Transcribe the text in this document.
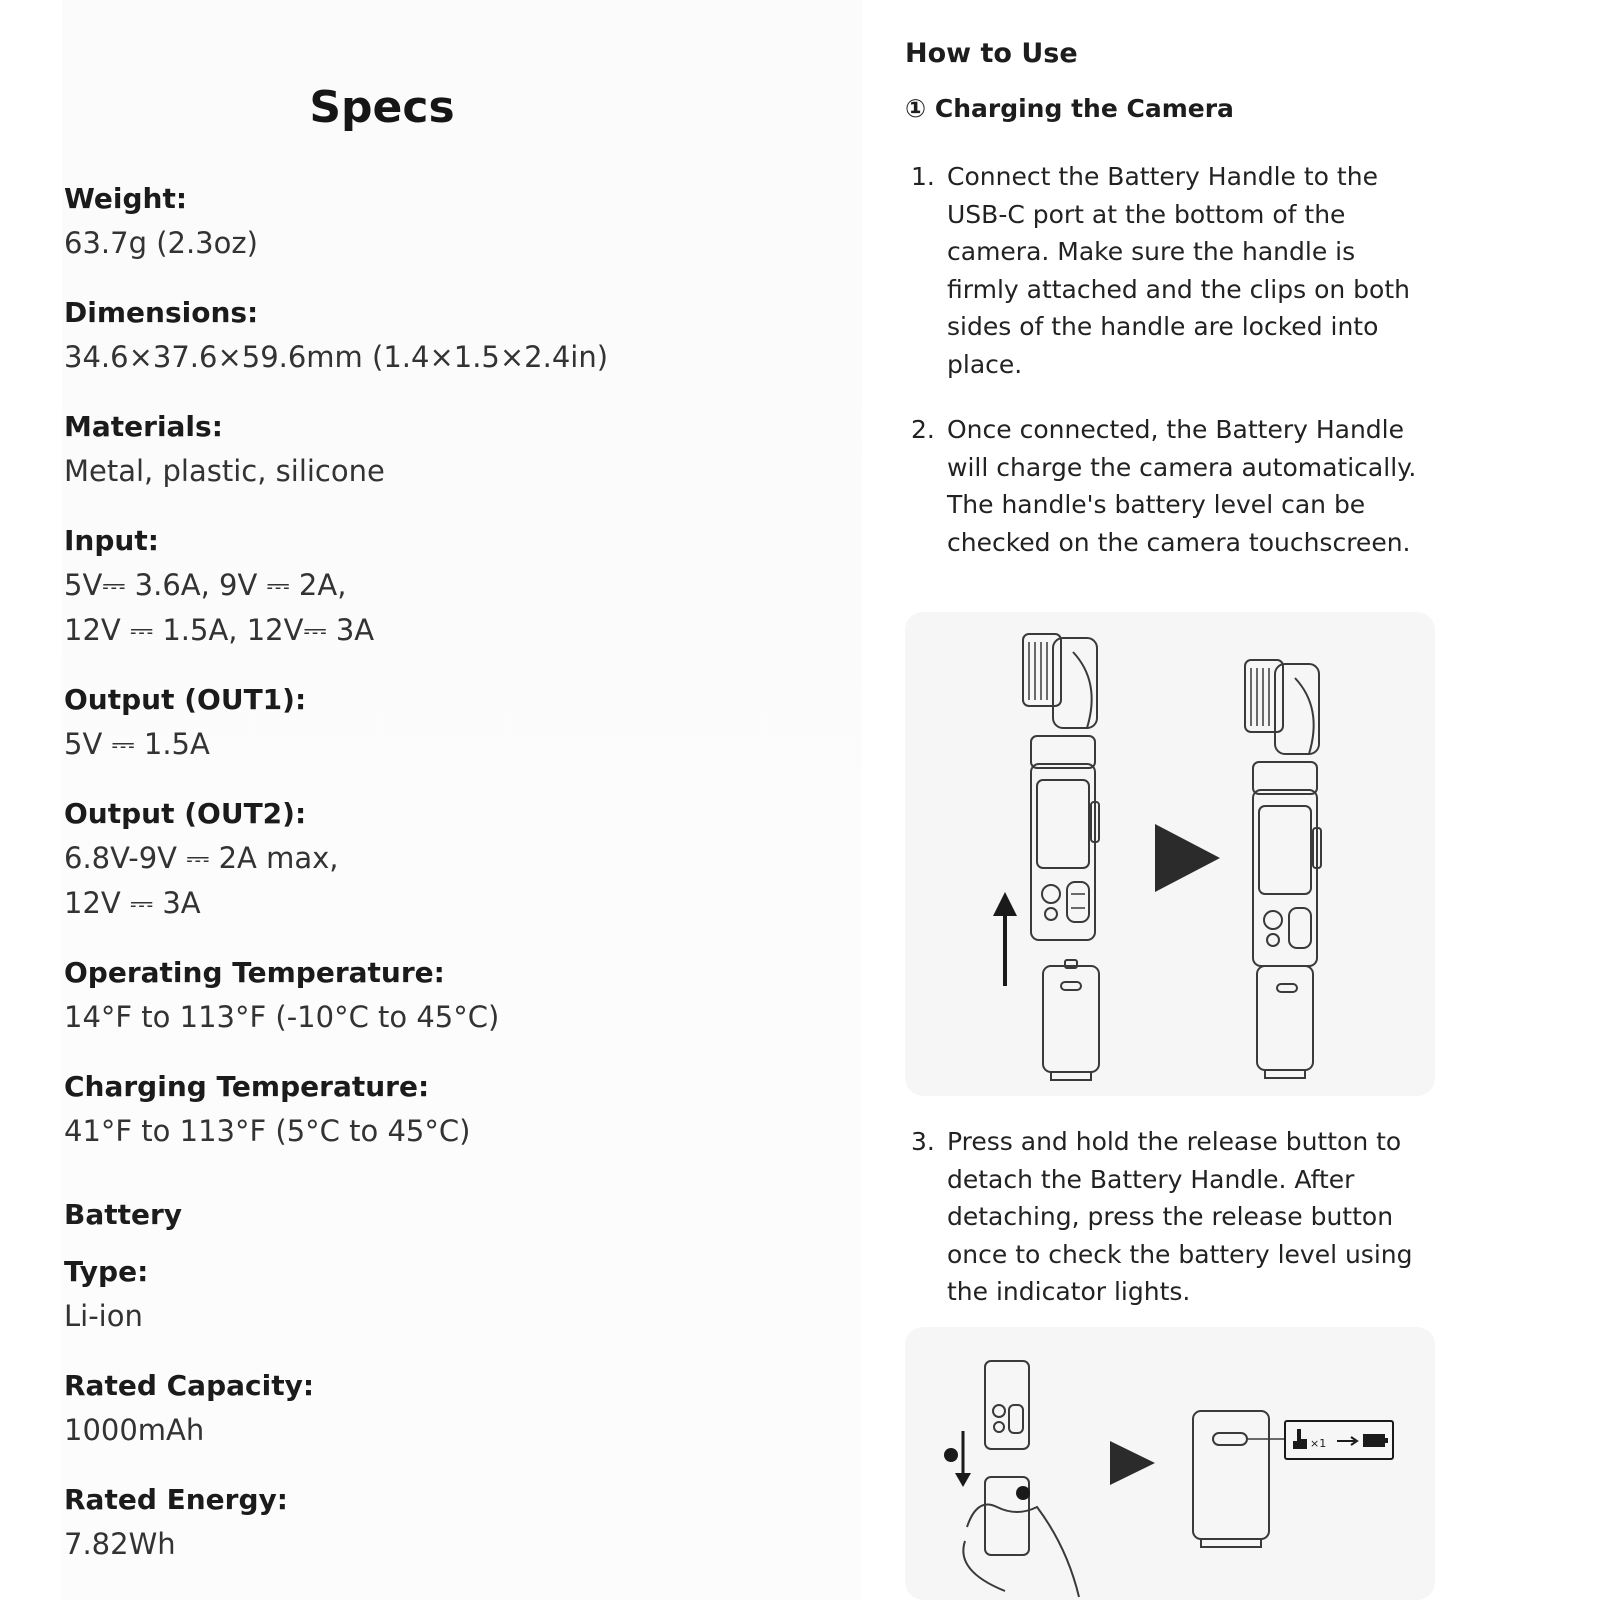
Specs
Weight:
63.7g (2.3oz)
Dimensions:
34.6×37.6×59.6mm (1.4×1.5×2.4in)
Materials:
Metal, plastic, silicone
Input:
5V⎓ 3.6A, 9V ⎓ 2A,
12V ⎓ 1.5A, 12V⎓ 3A
Output (OUT1):
5V ⎓ 1.5A
Output (OUT2):
6.8V-9V ⎓ 2A max,
12V ⎓ 3A
Operating Temperature:
14°F to 113°F (-10°C to 45°C)
Charging Temperature:
41°F to 113°F (5°C to 45°C)
Battery
Type:
Li-ion
Rated Capacity:
1000mAh
Rated Energy:
7.82Wh
How to Use
① Charging the Camera
1. Connect the Battery Handle to the USB-C port at the bottom of the camera. Make sure the handle is firmly attached and the clips on both sides of the handle are locked into place.
2. Once connected, the Battery Handle will charge the camera automatically. The handle's battery level can be checked on the camera touchscreen.
3. Press and hold the release button to detach the Battery Handle. After detaching, press the release button once to check the battery level using the indicator lights.
×1
